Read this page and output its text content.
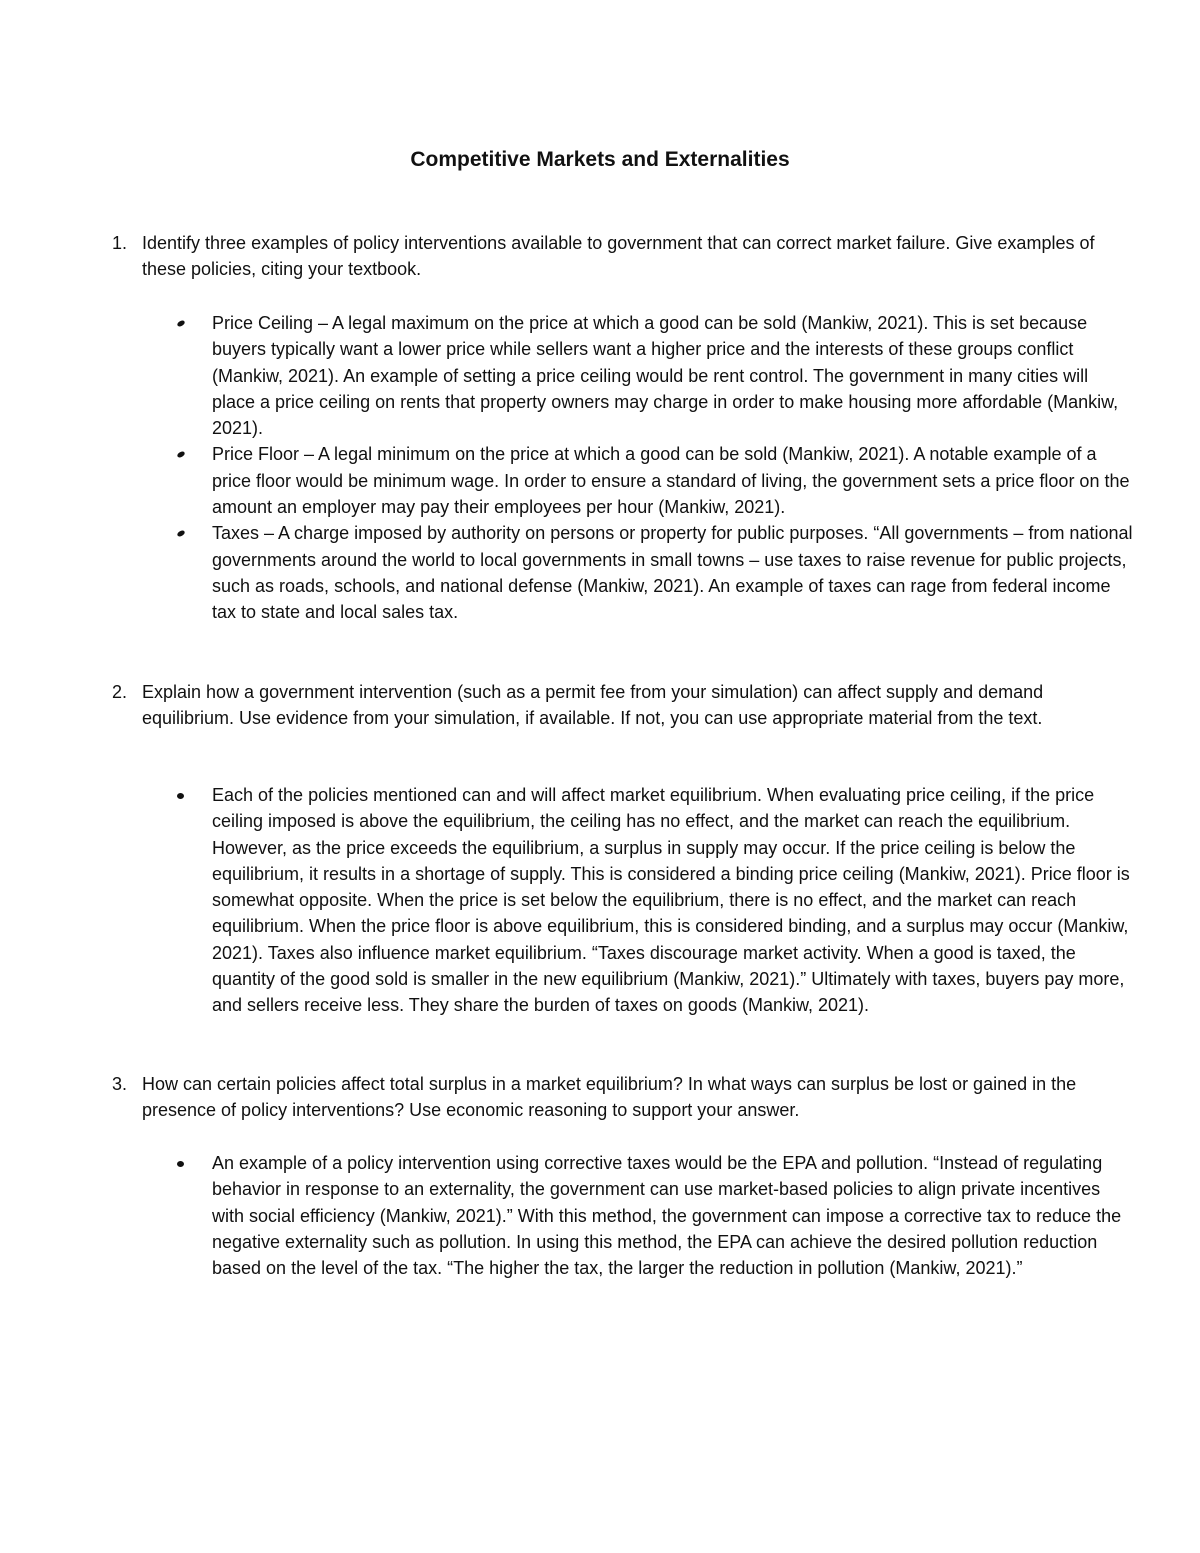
Competitive Markets and Externalities
1. Identify three examples of policy interventions available to government that can correct market failure. Give examples of these policies, citing your textbook.
Price Ceiling – A legal maximum on the price at which a good can be sold (Mankiw, 2021). This is set because buyers typically want a lower price while sellers want a higher price and the interests of these groups conflict (Mankiw, 2021). An example of setting a price ceiling would be rent control. The government in many cities will place a price ceiling on rents that property owners may charge in order to make housing more affordable (Mankiw, 2021).
Price Floor – A legal minimum on the price at which a good can be sold (Mankiw, 2021). A notable example of a price floor would be minimum wage. In order to ensure a standard of living, the government sets a price floor on the amount an employer may pay their employees per hour (Mankiw, 2021).
Taxes – A charge imposed by authority on persons or property for public purposes. “All governments – from national governments around the world to local governments in small towns – use taxes to raise revenue for public projects, such as roads, schools, and national defense (Mankiw, 2021). An example of taxes can rage from federal income tax to state and local sales tax.
2. Explain how a government intervention (such as a permit fee from your simulation) can affect supply and demand equilibrium. Use evidence from your simulation, if available. If not, you can use appropriate material from the text.
Each of the policies mentioned can and will affect market equilibrium. When evaluating price ceiling, if the price ceiling imposed is above the equilibrium, the ceiling has no effect, and the market can reach the equilibrium. However, as the price exceeds the equilibrium, a surplus in supply may occur. If the price ceiling is below the equilibrium, it results in a shortage of supply. This is considered a binding price ceiling (Mankiw, 2021). Price floor is somewhat opposite. When the price is set below the equilibrium, there is no effect, and the market can reach equilibrium. When the price floor is above equilibrium, this is considered binding, and a surplus may occur (Mankiw, 2021). Taxes also influence market equilibrium. “Taxes discourage market activity. When a good is taxed, the quantity of the good sold is smaller in the new equilibrium (Mankiw, 2021).” Ultimately with taxes, buyers pay more, and sellers receive less. They share the burden of taxes on goods (Mankiw, 2021).
3. How can certain policies affect total surplus in a market equilibrium? In what ways can surplus be lost or gained in the presence of policy interventions? Use economic reasoning to support your answer.
An example of a policy intervention using corrective taxes would be the EPA and pollution. “Instead of regulating behavior in response to an externality, the government can use market-based policies to align private incentives with social efficiency (Mankiw, 2021).” With this method, the government can impose a corrective tax to reduce the negative externality such as pollution. In using this method, the EPA can achieve the desired pollution reduction based on the level of the tax. “The higher the tax, the larger the reduction in pollution (Mankiw, 2021).”
